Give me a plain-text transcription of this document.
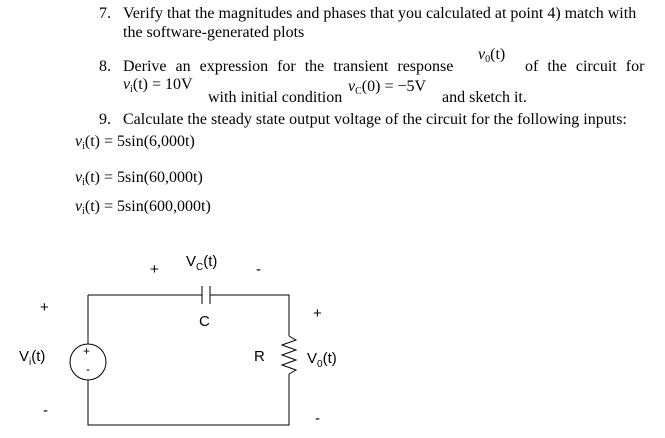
7. Verify that the magnitudes and phases that you calculated at point 4) match with
the software-generated plots
8. Derive an expression for the transient response
$v_0(t)$
of the circuit for
$v_i(t) = 10V$
with initial condition
$v_C(0) = -5V$
and sketch it.
9. Calculate the steady state output voltage of the circuit for the following inputs:
$v_i(t) = 5\sin(6,000t)$
$v_i(t) = 5\sin(60,000t)$
$v_i(t) = 5\sin(600,000t)$
+ $V_C(t)$	-
C
+
$V_i(t)$
-
+
-
R
+
$V_0(t)$
-
